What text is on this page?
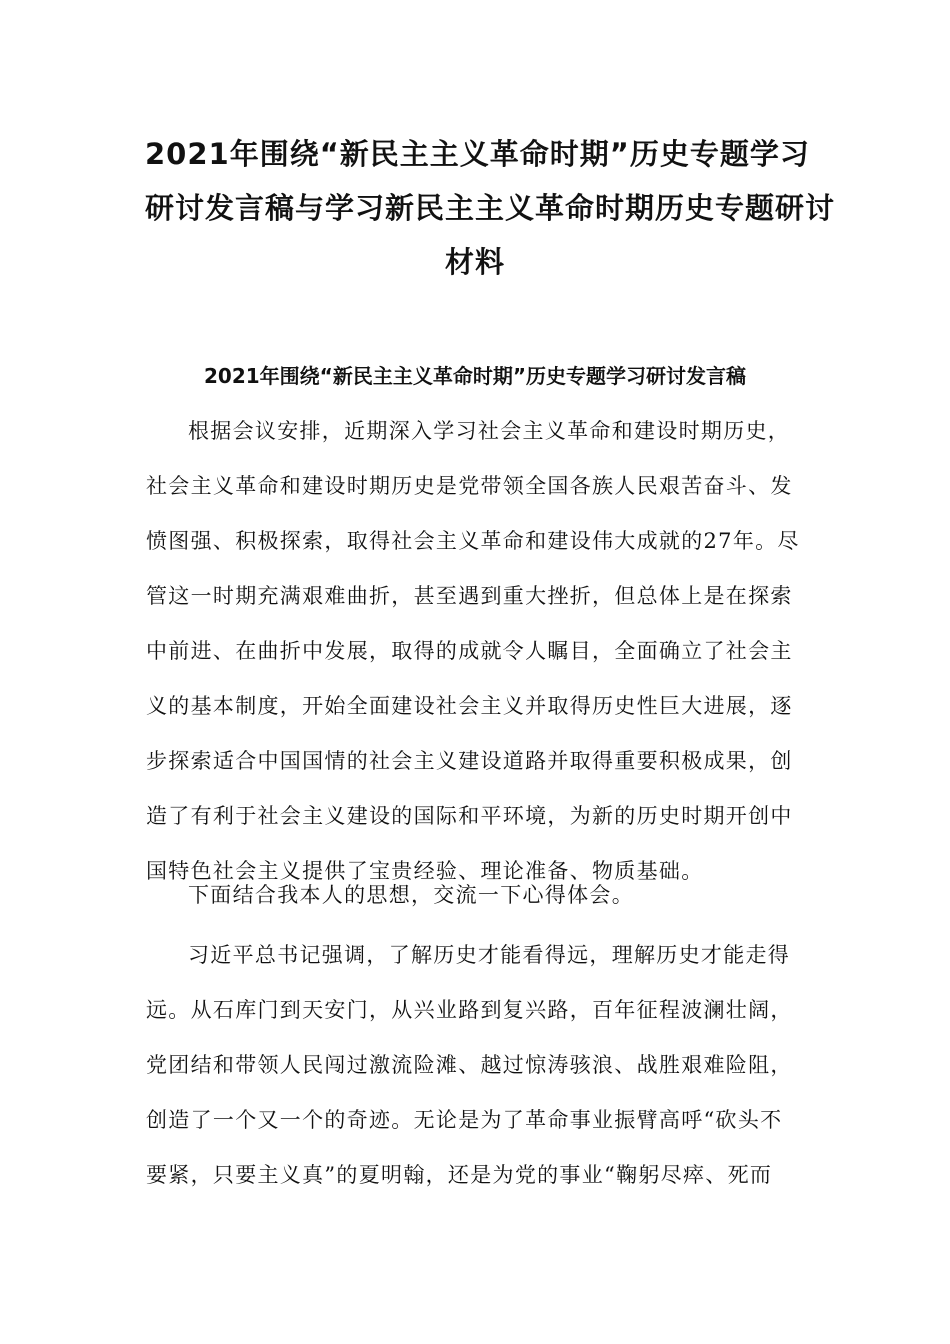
2021年围绕“新民主主义革命时期”历史专题学习
研讨发言稿与学习新民主主义革命时期历史专题研讨
材料
2021年围绕“新民主主义革命时期”历史专题学习研讨发言稿
根据会议安排，近期深入学习社会主义革命和建设时期历史，
社会主义革命和建设时期历史是党带领全国各族人民艰苦奋斗、发
愤图强、积极探索，取得社会主义革命和建设伟大成就的27年。尽
管这一时期充满艰难曲折，甚至遇到重大挫折，但总体上是在探索
中前进、在曲折中发展，取得的成就令人瞩目，全面确立了社会主
义的基本制度，开始全面建设社会主义并取得历史性巨大进展，逐
步探索适合中国国情的社会主义建设道路并取得重要积极成果，创
造了有利于社会主义建设的国际和平环境，为新的历史时期开创中
国特色社会主义提供了宝贵经验、理论准备、物质基础。
下面结合我本人的思想，交流一下心得体会。
习近平总书记强调，了解历史才能看得远，理解历史才能走得
远。从石库门到天安门，从兴业路到复兴路，百年征程波澜壮阔，
党团结和带领人民闯过激流险滩、越过惊涛骇浪、战胜艰难险阻，
创造了一个又一个的奇迹。无论是为了革命事业振臂高呼“砍头不
要紧，只要主义真”的夏明翰，还是为党的事业“鞠躬尽瘁、死而
